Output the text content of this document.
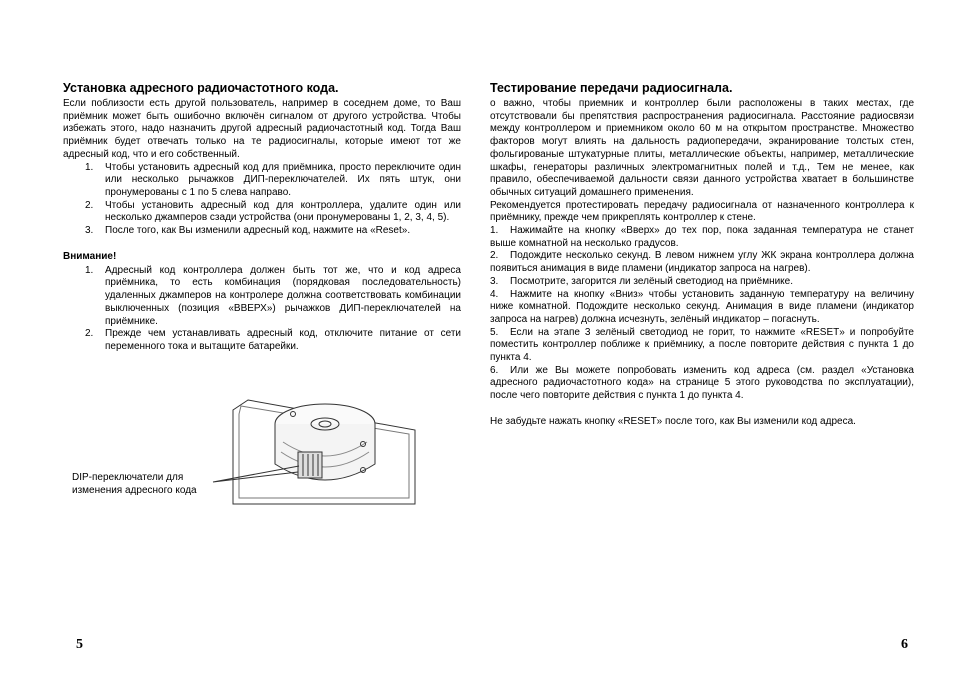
Установка адресного радиочастотного кода.

Если поблизости есть другой пользователь, например в соседнем доме, то Ваш приёмник может быть ошибочно включён сигналом от другого устройства. Чтобы избежать этого, надо назначить другой адресный радиочастотный код. Тогда Ваш приёмник будет отвечать только на те радиосигналы, которые имеют тот же адресный код, что и его собственный.

1. Чтобы установить адресный код для приёмника, просто переключите один или несколько рычажков ДИП-переключателей. Их пять штук, они пронумерованы с 1 по 5 слева направо.
2. Чтобы установить адресный код для контроллера, удалите один или несколько джамперов сзади устройства (они пронумерованы 1, 2, 3, 4, 5).
3. После того, как Вы изменили адресный код, нажмите на «Reset».
Внимание!
1. Адресный код контроллера должен быть тот же, что и код адреса приёмника, то есть комбинация (порядковая последовательность) удаленных джамперов на контролере должна соответствовать комбинации выключенных (позиция «ВВЕРХ») рычажков ДИП-переключателей на приёмнике.
2. Прежде чем устанавливать адресный код, отключите питание от сети переменного тока и вытащите батарейки.
DIP-переключатели для изменения адресного кода
Тестирование передачи радиосигнала.

о важно, чтобы приемник и контроллер были расположены в таких местах, где отсутствовали бы препятствия распространения радиосигнала. Расстояние радиосвязи между контроллером и приемником около 60 м на открытом пространстве. Множество факторов могут влиять на дальность радиопередачи, экранирование толстых стен, фольгированые штукатурные плиты, металлические объекты, например, металлические шкафы, генераторы различных электромагнитных полей и т.д., Тем не менее, как правило, обеспечиваемой дальности связи данного устройства хватает в большинстве обычных ситуаций домашнего применения.

Рекомендуется протестировать передачу радиосигнала от назначенного контроллера к приёмнику, прежде чем прикреплять контроллер к стене.

1. Нажимайте на кнопку «Вверх» до тех пор, пока заданная температура не станет выше комнатной на несколько градусов.

2. Подождите несколько секунд. В левом нижнем углу ЖК экрана контроллера должна появиться анимация в виде пламени (индикатор запроса на нагрев).

3. Посмотрите, загорится ли зелёный светодиод на приёмнике.

4. Нажмите на кнопку «Вниз» чтобы установить заданную температуру на величину ниже комнатной. Подождите несколько секунд. Анимация в виде пламени (индикатор запроса на нагрев) должна исчезнуть, зелёный индикатор – погаснуть.

5. Если на этапе 3 зелёный светодиод не горит, то нажмите «RESET» и попробуйте поместить контроллер поближе к приёмнику, а после повторите действия с пункта 1 до пункта 4.

6. Или же Вы можете попробовать изменить код адреса (см. раздел «Установка адресного радиочастотного кода» на странице 5 этого руководства по эксплуатации), после чего повторите действия с пункта 1 до пункта 4.

Не забудьте нажать кнопку «RESET» после того, как Вы изменили код адреса.

5	6
